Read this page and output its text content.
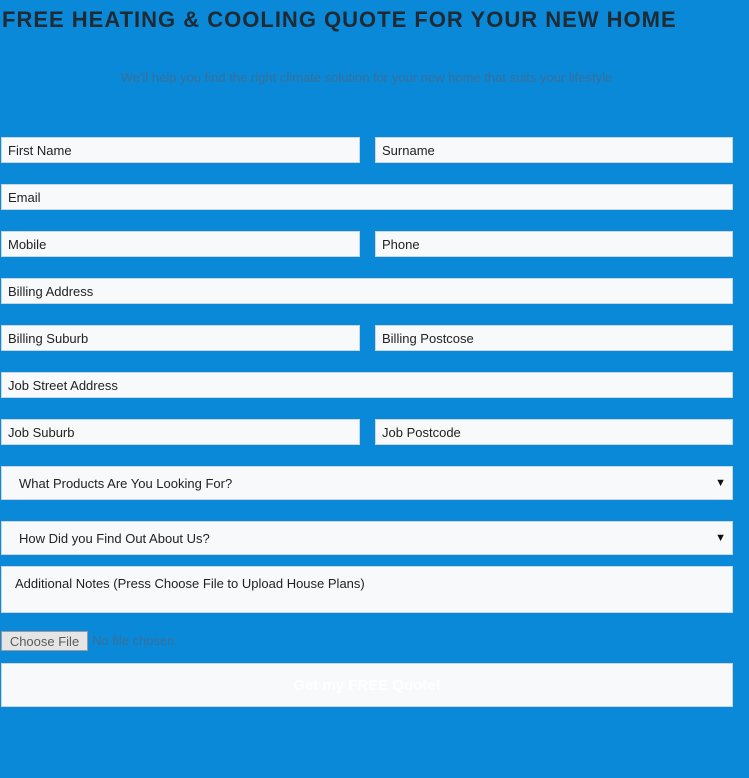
FREE HEATING & COOLING QUOTE FOR YOUR NEW HOME
We'll help you find the right climate solution for your new home that suits your lifestyle
First Name	Surname
Email
Mobile	Phone
Billing Address
Billing Suburb	Billing Postcose
Job Street Address
Job Suburb	Job Postcode
What Products Are You Looking For?	▼
How Did you Find Out About Us?	▼
Additional Notes (Press Choose File to Upload House Plans)
Choose File No file chosen
Get my FREE Quote!
